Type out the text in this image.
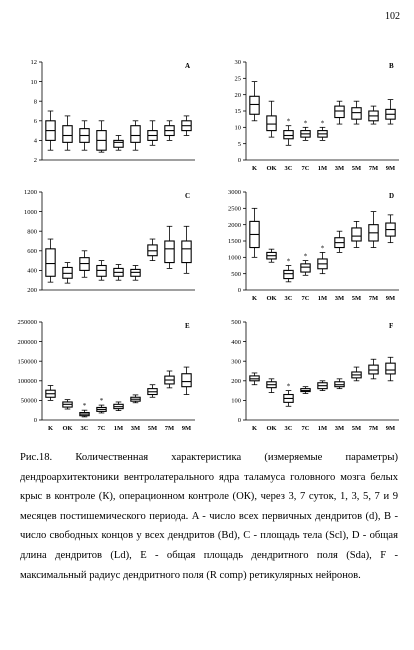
102
2
4
6
8
10
12	A
0
5
10
15
20
25
30	B
K OK
*
3C
*
7C
*
1M 3M 5M 7M 9M
200
400
600
800
1000
1200	C
0
500
1000
1500
2000
2500
3000	D
K OK
*
3C
*
7C
*
1M 3M 5M 7M 9M
0
50000
100000
150000
200000
250000	E
K OK
*
3C
*
7C 1M 3M 5M 7M 9M
0
100
200
300
400
500	F
K OK
*
3C 7C 1M 3M 5M 7M 9M
Рис.18. Количественная характеристика (измеряемые параметры) дендроархитектоники вентролатерального ядра таламуса головного мозга белых крыс в контроле (К), операционном контроле (ОК), через 3, 7 суток, 1, 3, 5, 7 и 9 месяцев постишемического периода. A - число всех первичных дендритов (d), B - число свободных концов у всех дендритов (Bd), C - площадь тела (Scl), D - общая длина дендритов (Ld), E - общая площадь дендритного поля (Sda), F - максимальный радиус дендритного поля (R comp) ретикулярных нейронов.
